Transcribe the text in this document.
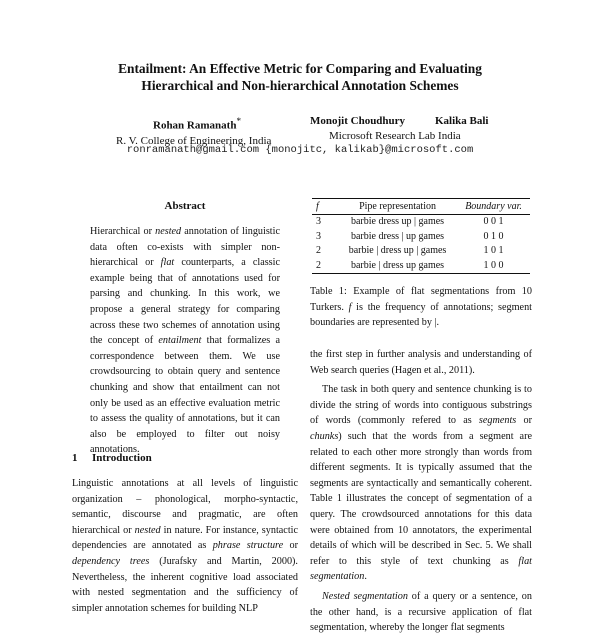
Entailment: An Effective Metric for Comparing and Evaluating
Hierarchical and Non-hierarchical Annotation Schemes
Rohan Ramanath*
R. V. College of Engineering, India
Monojit Choudhury
Microsoft Research Lab India
Kalika Bali
ronramanath@gmail.com {monojitc, kalikab}@microsoft.com
Abstract
Hierarchical or nested annotation of linguistic data often co-exists with simpler non-hierarchical or flat counterparts, a classic example being that of annotations used for parsing and chunking. In this work, we propose a general strategy for comparing across these two schemes of annotation using the concept of entailment that formalizes a correspondence between them. We use crowdsourcing to obtain query and sentence chunking and show that entailment can not only be used as an effective evaluation metric to assess the quality of annotations, but it can also be employed to filter out noisy annotations.
1 Introduction
Linguistic annotations at all levels of linguistic organization – phonological, morpho-syntactic, semantic, discourse and pragmatic, are often hierarchical or nested in nature. For instance, syntactic dependencies are annotated as phrase structure or dependency trees (Jurafsky and Martin, 2000). Nevertheless, the inherent cognitive load associated with nested segmentation and the sufficiency of simpler annotation schemes for building NLP
f	Pipe representation	Boundary var.
3	barbie dress up | games	0 0 1
3	barbie dress | up games	0 1 0
2	barbie | dress up | games	1 0 1
2	barbie | dress up games	1 0 0
Table 1: Example of flat segmentations from 10 Turkers. f is the frequency of annotations; segment boundaries are represented by |.

the first step in further analysis and understanding of Web search queries (Hagen et al., 2011).

The task in both query and sentence chunking is to divide the string of words into contiguous substrings of words (commonly refered to as segments or chunks) such that the words from a segment are related to each other more strongly than words from different segments. It is typically assumed that the segments are syntactically and semantically coherent. Table 1 illustrates the concept of segmentation of a query. The crowdsourced annotations for this data were obtained from 10 annotators, the experimental details of which will be described in Sec. 5. We shall refer to this style of text chunking as flat segmentation.

Nested segmentation of a query or a sentence, on the other hand, is a recursive application of flat segmentation, whereby the longer flat segments
